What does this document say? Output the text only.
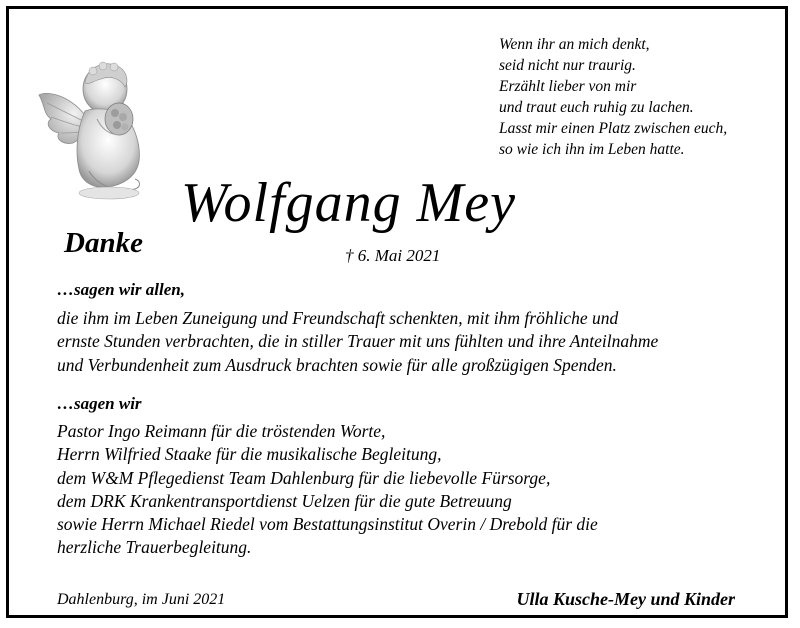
Wenn ihr an mich denkt,
seid nicht nur traurig.
Erzählt lieber von mir
und traut euch ruhig zu lachen.
Lasst mir einen Platz zwischen euch,
so wie ich ihn im Leben hatte.
Wolfgang Mey
Danke	† 6. Mai 2021
…sagen wir allen,
die ihm im Leben Zuneigung und Freundschaft schenkten, mit ihm fröhliche und
ernste Stunden verbrachten, die in stiller Trauer mit uns fühlten und ihre Anteilnahme
und Verbundenheit zum Ausdruck brachten sowie für alle großzügigen Spenden.
…sagen wir
Pastor Ingo Reimann für die tröstenden Worte,
Herrn Wilfried Staake für die musikalische Begleitung,
dem W&M Pflegedienst Team Dahlenburg für die liebevolle Fürsorge,
dem DRK Krankentransportdienst Uelzen für die gute Betreuung
sowie Herrn Michael Riedel vom Bestattungsinstitut Overin / Drebold für die
herzliche Trauerbegleitung.
Dahlenburg, im Juni 2021	Ulla Kusche-Mey und Kinder
